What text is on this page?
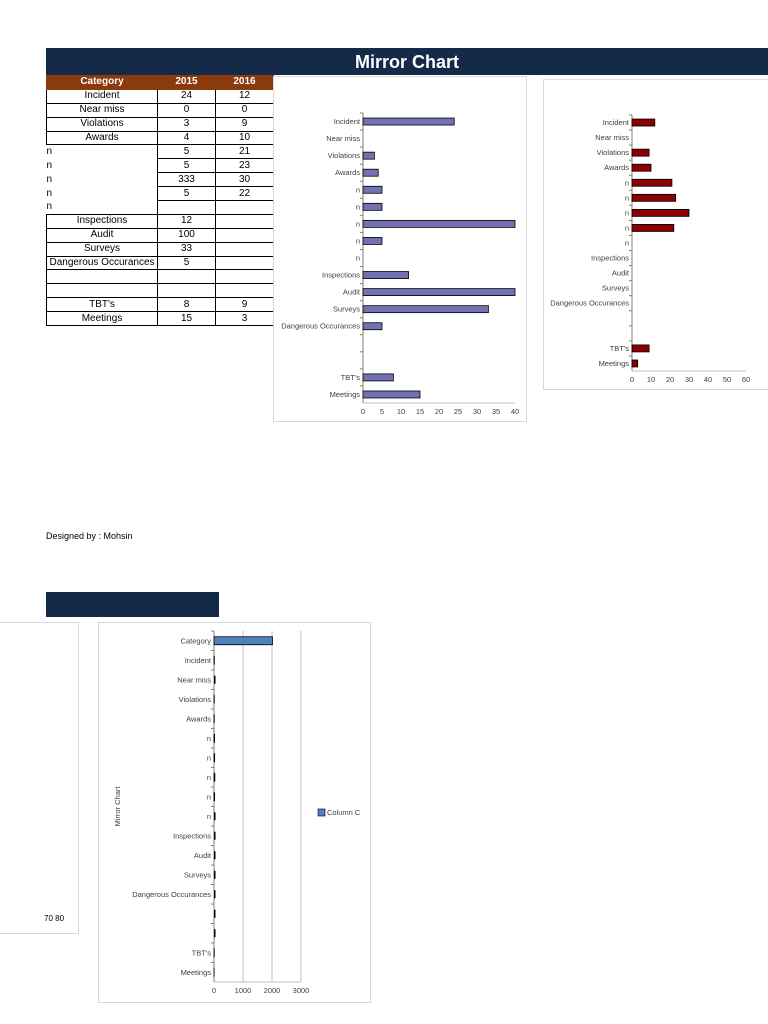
Mirror Chart
Category	2015	2016
Incident	24	12
Near miss	0	0
Violations	3	9
Awards	4	10
n	5	21
n	5	23
n	333	30
n	5	22
n		
Inspections	12	
Audit	100	
Surveys	33	
Dangerous Occurances	5	

TBT's	8	9
Meetings	15	3
Incident
Near miss
Violations
Awards
n
n
n
n
n
Inspections
Audit
Surveys
Dangerous Occurances
TBT's
Meetings
0 5 10 15 20 25 30 35 40
Incident
Near miss
Violations
Awards
n
n
n
n
n
Inspections
Audit
Surveys
Dangerous Occurances
TBT's
Meetings
0 10 20 30 40 50 60
Designed by : Mohsin
70 80
Category
Incident
Near miss
Violations
Awards
n
n
n
n
n
Inspections
Audit
Surveys
Dangerous Occurances
TBT's
Meetings
0 1000 2000 3000
Mirror Chart	Column C
